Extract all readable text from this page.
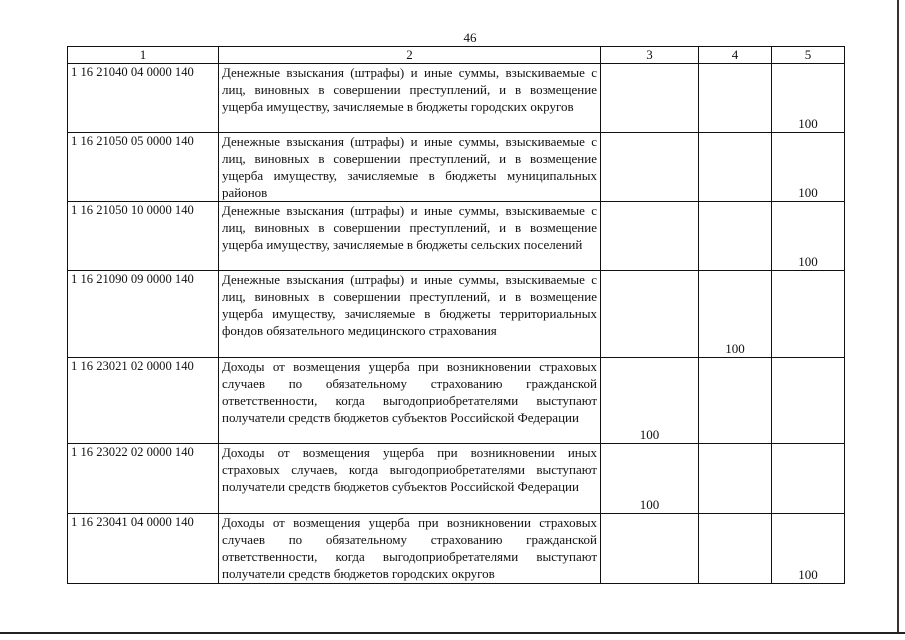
46
1	2	3	4	5
1 16 21040 04 0000 140	Денежные взыскания (штрафы) и иные суммы, взыскиваемые с лиц, виновных в совершении преступлений, и в возмещение ущерба имуществу, зачисляемые в бюджеты городских округов			100
1 16 21050 05 0000 140	Денежные взыскания (штрафы) и иные суммы, взыскиваемые с лиц, виновных в совершении преступлений, и в возмещение ущерба имуществу, зачисляемые в бюджеты муниципальных районов			100
1 16 21050 10 0000 140	Денежные взыскания (штрафы) и иные суммы, взыскиваемые с лиц, виновных в совершении преступлений, и в возмещение ущерба имуществу, зачисляемые в бюджеты сельских поселений			100
1 16 21090 09 0000 140	Денежные взыскания (штрафы) и иные суммы, взыскиваемые с лиц, виновных в совершении преступлений, и в возмещение ущерба имуществу, зачисляемые в бюджеты территориальных фондов обязательного медицинского страхования		100	
1 16 23021 02 0000 140	Доходы от возмещения ущерба при возникновении страховых случаев по обязательному страхованию гражданской ответственности, когда выгодоприобретателями выступают получатели средств бюджетов субъектов Российской Федерации	100		
1 16 23022 02 0000 140	Доходы от возмещения ущерба при возникновении иных страховых случаев, когда выгодоприобретателями выступают получатели средств бюджетов субъектов Российской Федерации	100		
1 16 23041 04 0000 140	Доходы от возмещения ущерба при возникновении страховых случаев по обязательному страхованию гражданской ответственности, когда выгодоприобретателями выступают получатели средств бюджетов городских округов			100
